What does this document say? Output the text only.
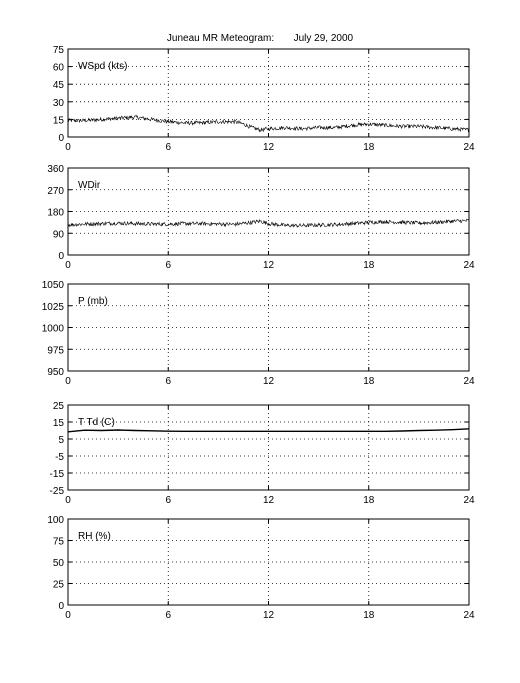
Juneau MR Meteogram:       July 29, 2000
0	6	12	18	24
0
15
30
45
60
75
WSpd (kts)
0	6	12	18	24
0
90
180
270
360
WDir
0	6	12	18	24
950
975
1000
1025
1050
P (mb)
0	6	12	18	24
-25
-15
-5
5
15
25
T Td (C)
0	6	12	18	24
0
25
50
75
100
RH (%)
